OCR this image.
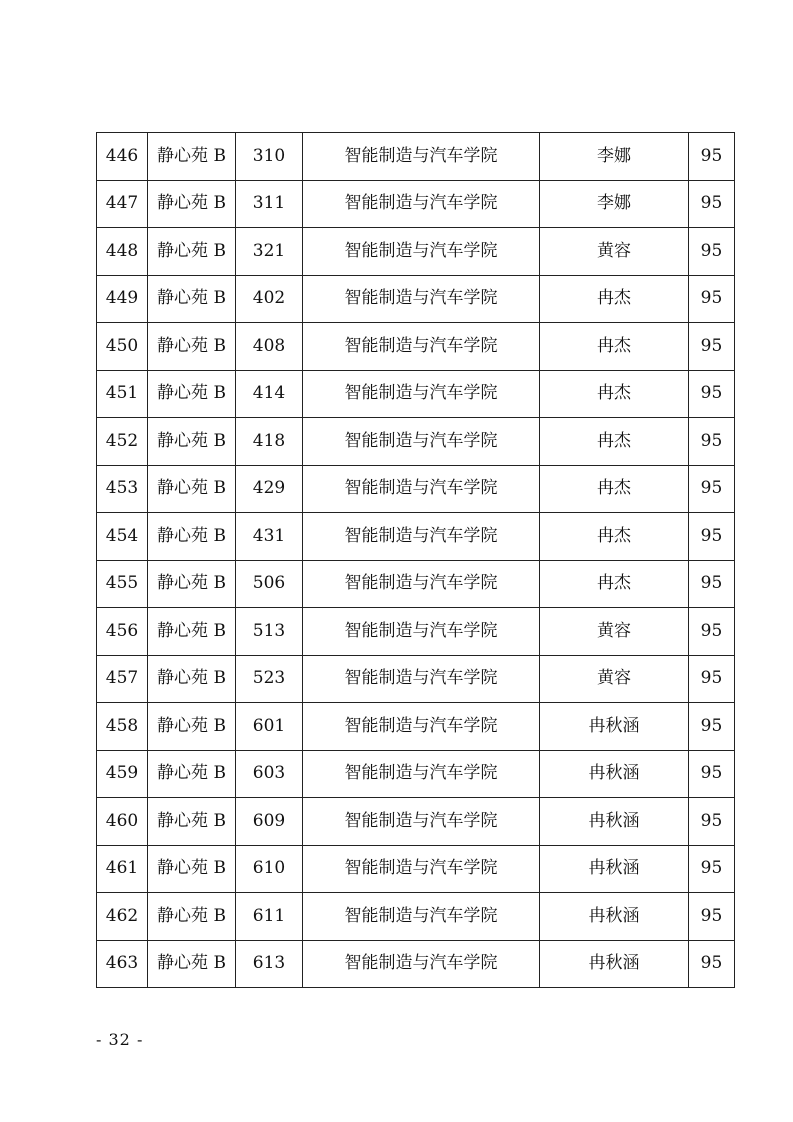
446	静心苑 B	310	智能制造与汽车学院	李娜	95
447	静心苑 B	311	智能制造与汽车学院	李娜	95
448	静心苑 B	321	智能制造与汽车学院	黄容	95
449	静心苑 B	402	智能制造与汽车学院	冉杰	95
450	静心苑 B	408	智能制造与汽车学院	冉杰	95
451	静心苑 B	414	智能制造与汽车学院	冉杰	95
452	静心苑 B	418	智能制造与汽车学院	冉杰	95
453	静心苑 B	429	智能制造与汽车学院	冉杰	95
454	静心苑 B	431	智能制造与汽车学院	冉杰	95
455	静心苑 B	506	智能制造与汽车学院	冉杰	95
456	静心苑 B	513	智能制造与汽车学院	黄容	95
457	静心苑 B	523	智能制造与汽车学院	黄容	95
458	静心苑 B	601	智能制造与汽车学院	冉秋涵	95
459	静心苑 B	603	智能制造与汽车学院	冉秋涵	95
460	静心苑 B	609	智能制造与汽车学院	冉秋涵	95
461	静心苑 B	610	智能制造与汽车学院	冉秋涵	95
462	静心苑 B	611	智能制造与汽车学院	冉秋涵	95
463	静心苑 B	613	智能制造与汽车学院	冉秋涵	95
- 32 -
